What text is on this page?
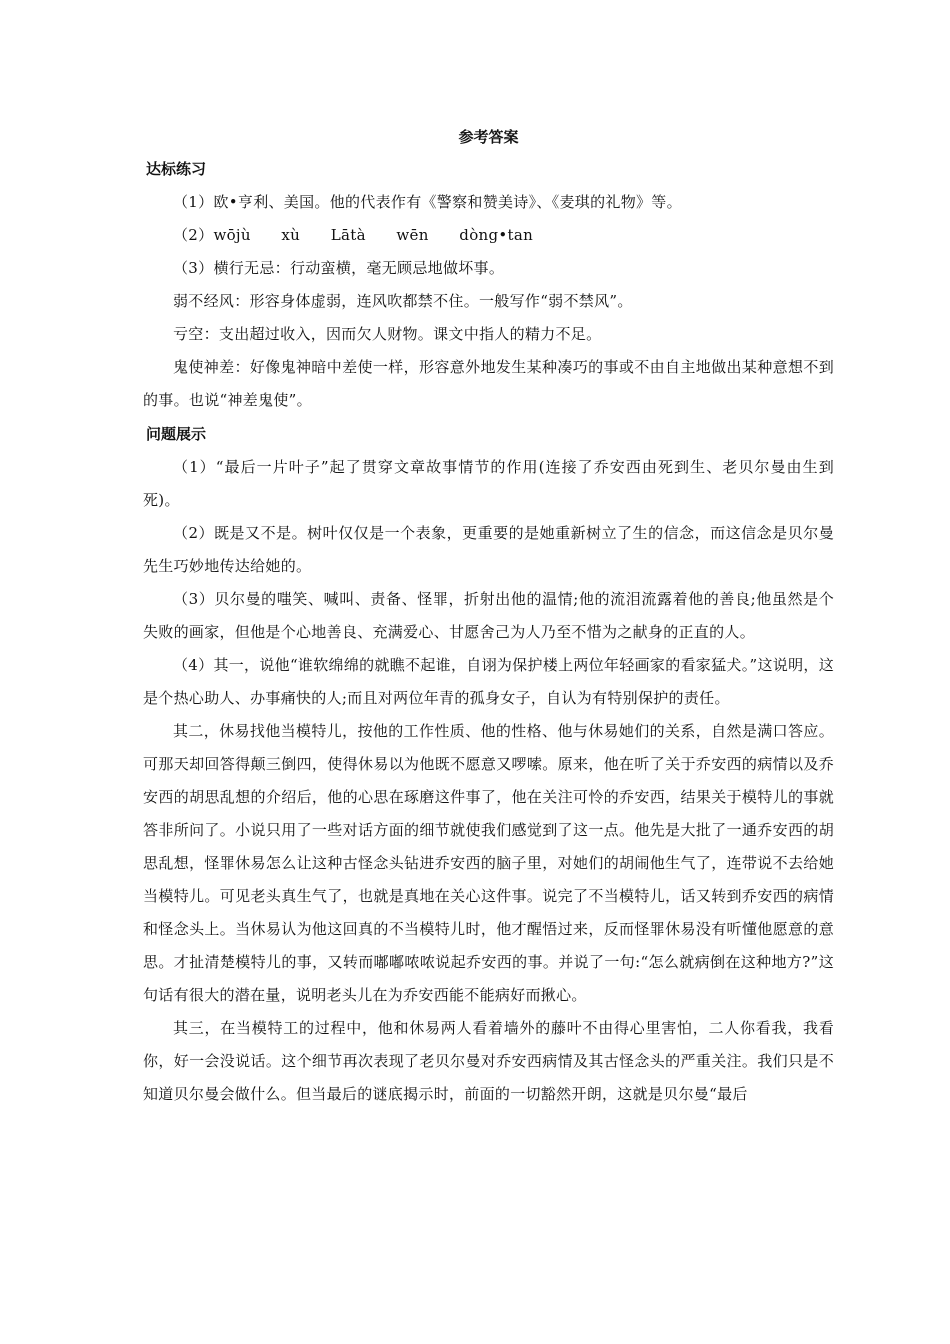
参考答案
达标练习

（1）欧•亨利、美国。他的代表作有《警察和赞美诗》、《麦琪的礼物》等。

（2）wōjù　　xù　　Lātà　　wēn　　dòng•tan

（3）横行无忌：行动蛮横，毫无顾忌地做坏事。

弱不经风：形容身体虚弱，连风吹都禁不住。一般写作“弱不禁风”。

亏空：支出超过收入，因而欠人财物。课文中指人的精力不足。

鬼使神差：好像鬼神暗中差使一样，形容意外地发生某种凑巧的事或不由自主地做出某种意想不到的事。也说“神差鬼使”。

问题展示

（1）“最后一片叶子”起了贯穿文章故事情节的作用(连接了乔安西由死到生、老贝尔曼由生到死)。

（2）既是又不是。树叶仅仅是一个表象，更重要的是她重新树立了生的信念，而这信念是贝尔曼先生巧妙地传达给她的。

（3）贝尔曼的嗤笑、喊叫、责备、怪罪，折射出他的温情;他的流泪流露着他的善良;他虽然是个失败的画家，但他是个心地善良、充满爱心、甘愿舍己为人乃至不惜为之献身的正直的人。

（4）其一，说他“谁软绵绵的就瞧不起谁，自诩为保护楼上两位年轻画家的看家猛犬。”这说明，这是个热心助人、办事痛快的人;而且对两位年青的孤身女子，自认为有特别保护的责任。

其二，休易找他当模特儿，按他的工作性质、他的性格、他与休易她们的关系，自然是满口答应。可那天却回答得颠三倒四，使得休易以为他既不愿意又啰嗦。原来，他在听了关于乔安西的病情以及乔安西的胡思乱想的介绍后，他的心思在琢磨这件事了，他在关注可怜的乔安西，结果关于模特儿的事就答非所问了。小说只用了一些对话方面的细节就使我们感觉到了这一点。他先是大批了一通乔安西的胡思乱想，怪罪休易怎么让这种古怪念头钻进乔安西的脑子里，对她们的胡闹他生气了，连带说不去给她当模特儿。可见老头真生气了，也就是真地在关心这件事。说完了不当模特儿，话又转到乔安西的病情和怪念头上。当休易认为他这回真的不当模特儿时，他才醒悟过来，反而怪罪休易没有听懂他愿意的意思。才扯清楚模特儿的事，又转而嘟嘟哝哝说起乔安西的事。并说了一句:“怎么就病倒在这种地方?”这句话有很大的潜在量，说明老头儿在为乔安西能不能病好而揪心。

其三，在当模特工的过程中，他和休易两人看着墙外的藤叶不由得心里害怕，二人你看我，我看你，好一会没说话。这个细节再次表现了老贝尔曼对乔安西病情及其古怪念头的严重关注。我们只是不知道贝尔曼会做什么。但当最后的谜底揭示时，前面的一切豁然开朗，这就是贝尔曼“最后
